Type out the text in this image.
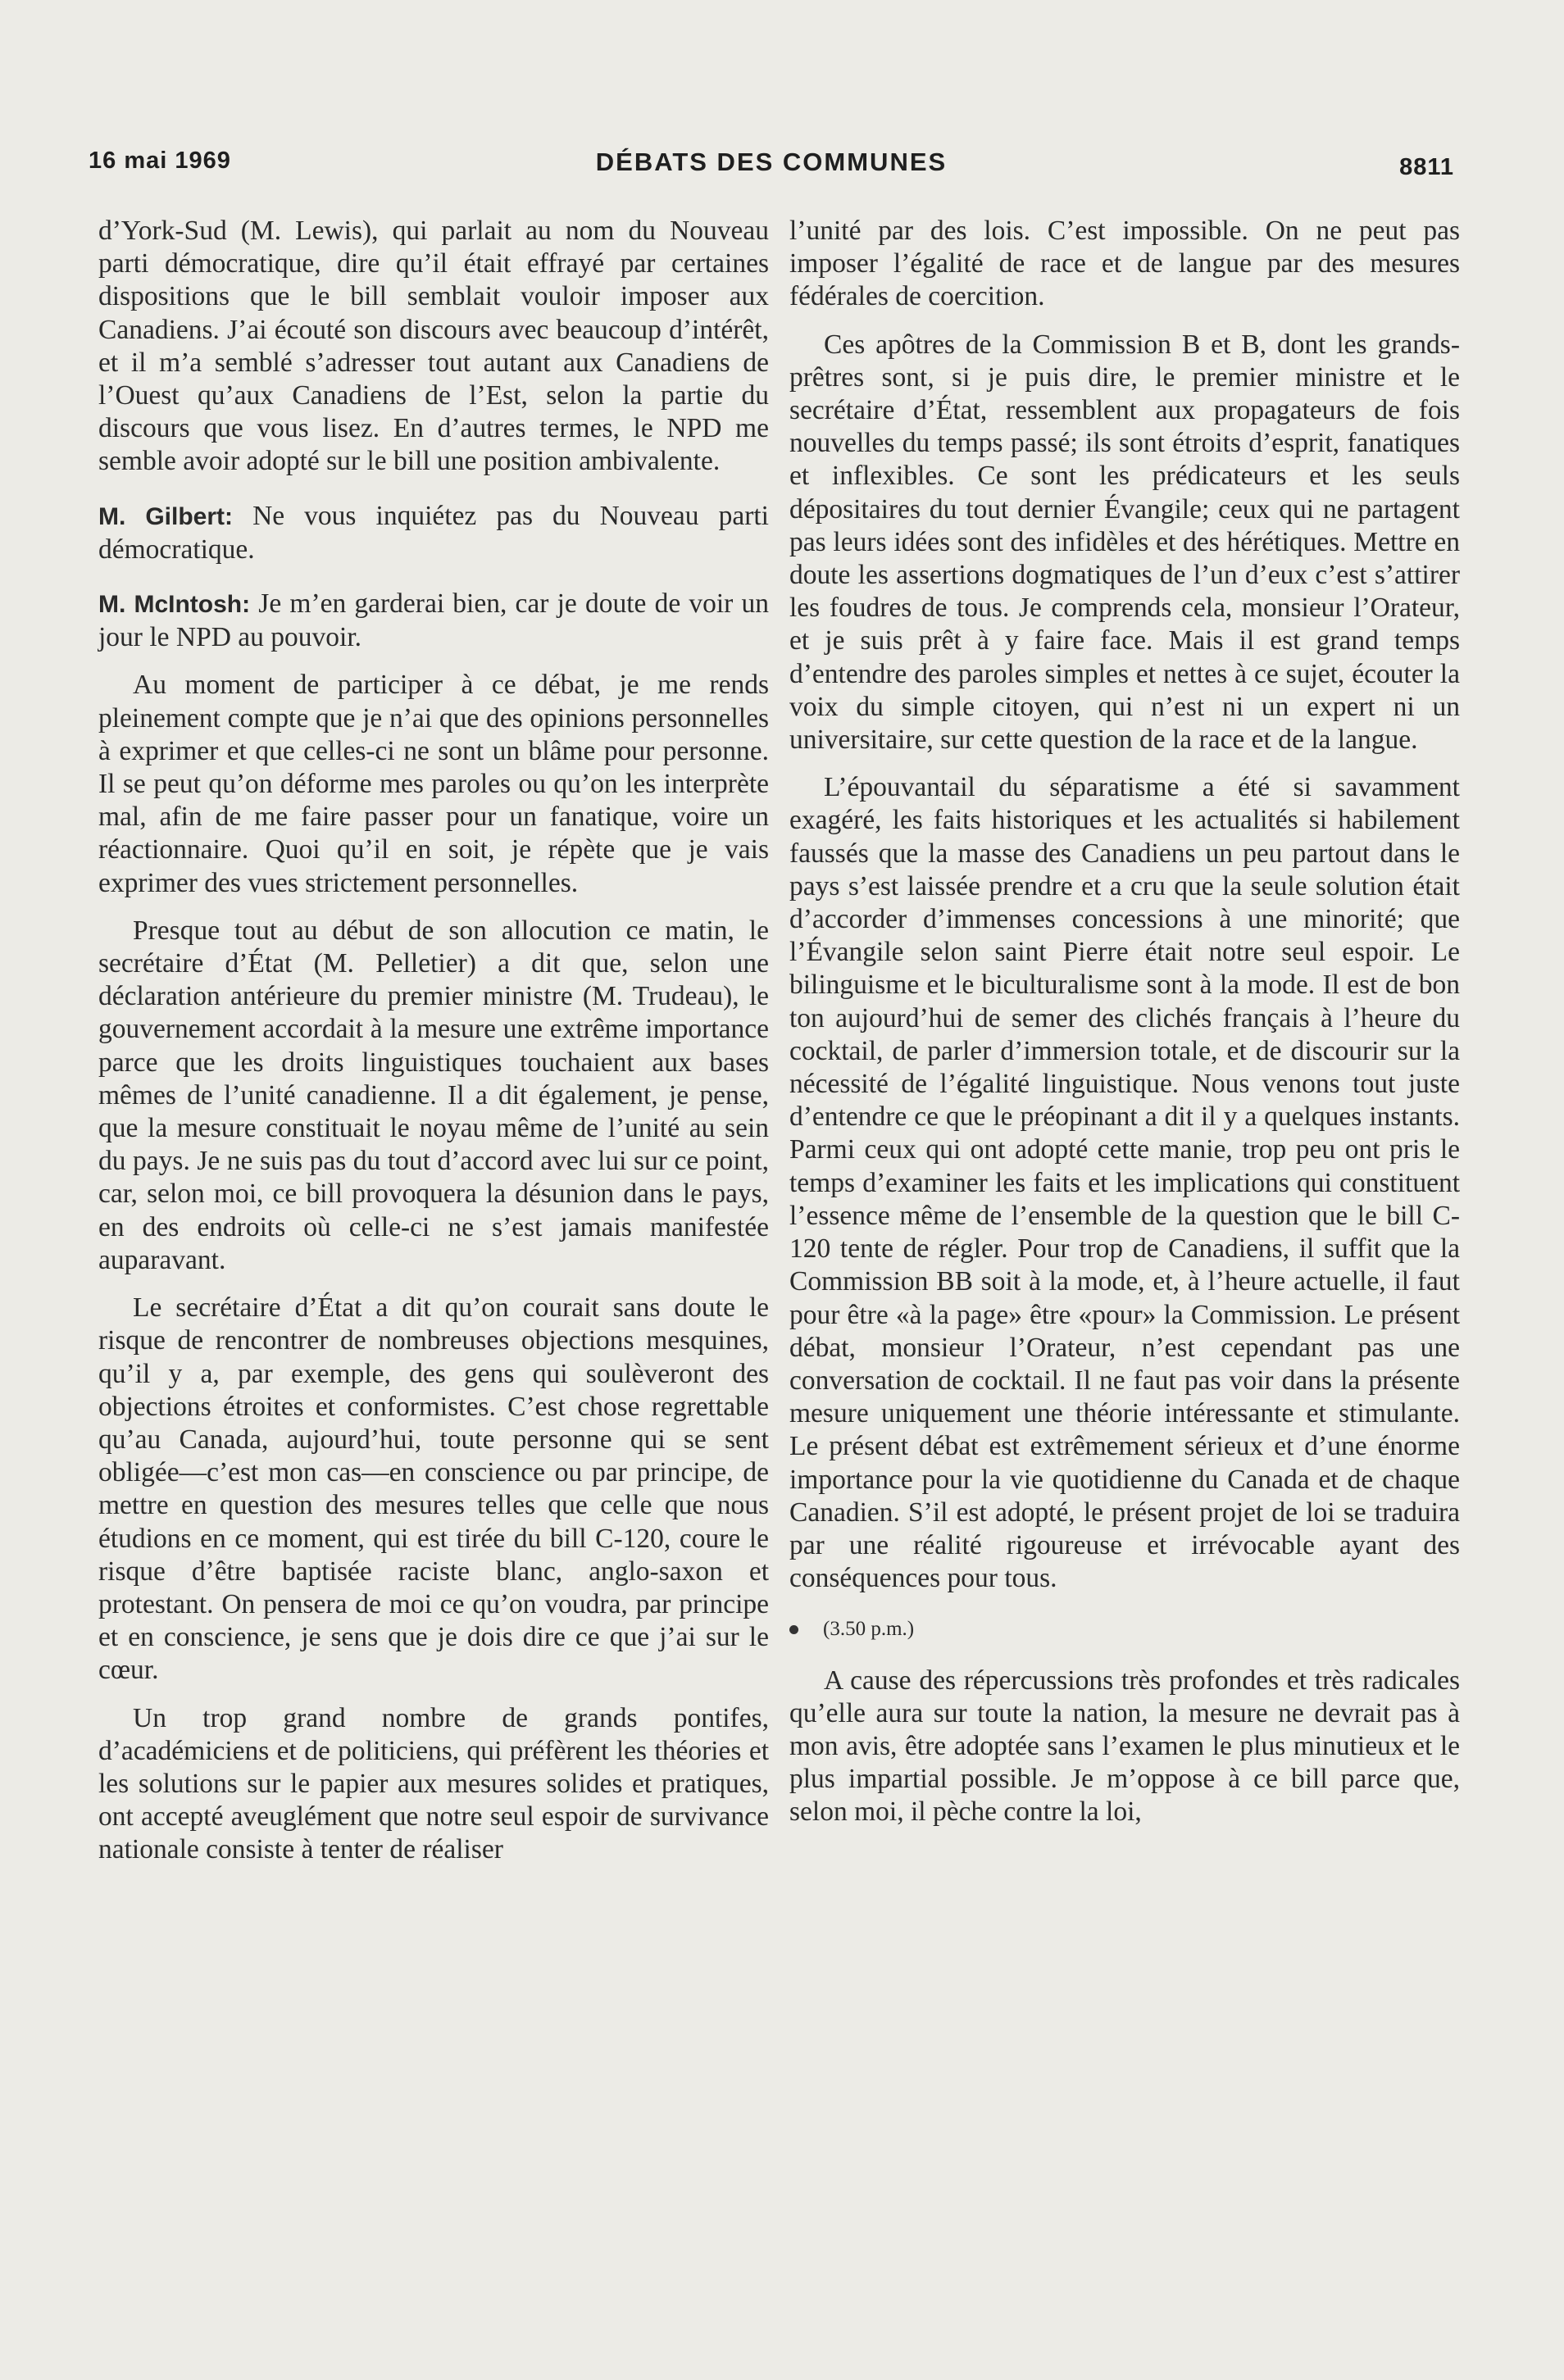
16 mai 1969	DÉBATS DES COMMUNES	8811

d’York-Sud (M. Lewis), qui parlait au nom du Nouveau parti démocratique, dire qu’il était effrayé par certaines dispositions que le bill semblait vouloir imposer aux Canadiens. J’ai écouté son discours avec beaucoup d’intérêt, et il m’a semblé s’adresser tout autant aux Canadiens de l’Ouest qu’aux Canadiens de l’Est, selon la partie du discours que vous lisez. En d’autres termes, le NPD me semble avoir adopté sur le bill une position ambivalente.

M. Gilbert: Ne vous inquiétez pas du Nouveau parti démocratique.

M. McIntosh: Je m’en garderai bien, car je doute de voir un jour le NPD au pouvoir.

Au moment de participer à ce débat, je me rends pleinement compte que je n’ai que des opinions personnelles à exprimer et que celles-ci ne sont un blâme pour personne. Il se peut qu’on déforme mes paroles ou qu’on les interprète mal, afin de me faire passer pour un fanatique, voire un réactionnaire. Quoi qu’il en soit, je répète que je vais exprimer des vues strictement personnelles.

Presque tout au début de son allocution ce matin, le secrétaire d’État (M. Pelletier) a dit que, selon une déclaration antérieure du premier ministre (M. Trudeau), le gouvernement accordait à la mesure une extrême importance parce que les droits linguistiques touchaient aux bases mêmes de l’unité canadienne. Il a dit également, je pense, que la mesure constituait le noyau même de l’unité au sein du pays. Je ne suis pas du tout d’accord avec lui sur ce point, car, selon moi, ce bill provoquera la désunion dans le pays, en des endroits où celle-ci ne s’est jamais manifestée auparavant.

Le secrétaire d’État a dit qu’on courait sans doute le risque de rencontrer de nombreuses objections mesquines, qu’il y a, par exemple, des gens qui soulèveront des objections étroites et conformistes. C’est chose regrettable qu’au Canada, aujourd’hui, toute personne qui se sent obligée—c’est mon cas—en conscience ou par principe, de mettre en question des mesures telles que celle que nous étudions en ce moment, qui est tirée du bill C-120, coure le risque d’être baptisée raciste blanc, anglo-saxon et protestant. On pensera de moi ce qu’on voudra, par principe et en conscience, je sens que je dois dire ce que j’ai sur le cœur.

Un trop grand nombre de grands pontifes, d’académiciens et de politiciens, qui préfèrent les théories et les solutions sur le papier aux mesures solides et pratiques, ont accepté aveuglément que notre seul espoir de survivance nationale consiste à tenter de réaliser

l’unité par des lois. C’est impossible. On ne peut pas imposer l’égalité de race et de langue par des mesures fédérales de coercition.

Ces apôtres de la Commission B et B, dont les grands-prêtres sont, si je puis dire, le premier ministre et le secrétaire d’État, ressemblent aux propagateurs de fois nouvelles du temps passé; ils sont étroits d’esprit, fanatiques et inflexibles. Ce sont les prédicateurs et les seuls dépositaires du tout dernier Évangile; ceux qui ne partagent pas leurs idées sont des infidèles et des hérétiques. Mettre en doute les assertions dogmatiques de l’un d’eux c’est s’attirer les foudres de tous. Je comprends cela, monsieur l’Orateur, et je suis prêt à y faire face. Mais il est grand temps d’entendre des paroles simples et nettes à ce sujet, écouter la voix du simple citoyen, qui n’est ni un expert ni un universitaire, sur cette question de la race et de la langue.

L’épouvantail du séparatisme a été si savamment exagéré, les faits historiques et les actualités si habilement faussés que la masse des Canadiens un peu partout dans le pays s’est laissée prendre et a cru que la seule solution était d’accorder d’immenses concessions à une minorité; que l’Évangile selon saint Pierre était notre seul espoir. Le bilinguisme et le biculturalisme sont à la mode. Il est de bon ton aujourd’hui de semer des clichés français à l’heure du cocktail, de parler d’immersion totale, et de discourir sur la nécessité de l’égalité linguistique. Nous venons tout juste d’entendre ce que le préopinant a dit il y a quelques instants. Parmi ceux qui ont adopté cette manie, trop peu ont pris le temps d’examiner les faits et les implications qui constituent l’essence même de l’ensemble de la question que le bill C-120 tente de régler. Pour trop de Canadiens, il suffit que la Commission BB soit à la mode, et, à l’heure actuelle, il faut pour être «à la page» être «pour» la Commission. Le présent débat, monsieur l’Orateur, n’est cependant pas une conversation de cocktail. Il ne faut pas voir dans la présente mesure uniquement une théorie intéressante et stimulante. Le présent débat est extrêmement sérieux et d’une énorme importance pour la vie quotidienne du Canada et de chaque Canadien. S’il est adopté, le présent projet de loi se traduira par une réalité rigoureuse et irrévocable ayant des conséquences pour tous.

(3.50 p.m.)

A cause des répercussions très profondes et très radicales qu’elle aura sur toute la nation, la mesure ne devrait pas à mon avis, être adoptée sans l’examen le plus minutieux et le plus impartial possible. Je m’oppose à ce bill parce que, selon moi, il pèche contre la loi,
